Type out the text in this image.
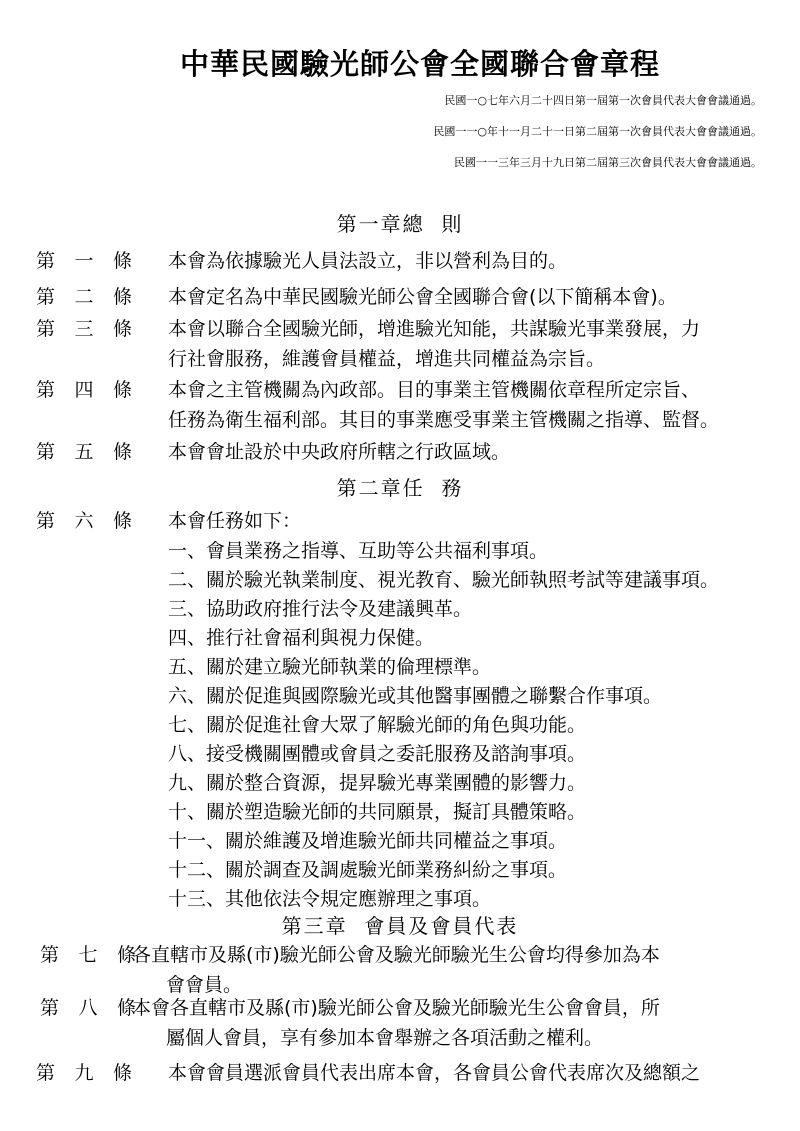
中華民國驗光師公會全國聯合會章程
民國一○七年六月二十四日第一屆第一次會員代表大會會議通過。
民國一一○年十一月二十一日第二屆第一次會員代表大會會議通過。
民國一一三年三月十九日第二屆第三次會員代表大會會議通過。
第一章總  則
第 一 條 本會為依據驗光人員法設立，非以營利為目的。
第 二 條 本會定名為中華民國驗光師公會全國聯合會(以下簡稱本會)。
第 三 條 本會以聯合全國驗光師，增進驗光知能，共謀驗光事業發展，力
行社會服務，維護會員權益，增進共同權益為宗旨。
第 四 條 本會之主管機關為內政部。目的事業主管機關依章程所定宗旨、
任務為衛生福利部。其目的事業應受事業主管機關之指導、監督。
第 五 條 本會會址設於中央政府所轄之行政區域。
第二章任  務
第 六 條 本會任務如下：
一、會員業務之指導、互助等公共福利事項。
二、關於驗光執業制度、視光教育、驗光師執照考試等建議事項。
三、協助政府推行法令及建議興革。
四、推行社會福利與視力保健。
五、關於建立驗光師執業的倫理標準。
六、關於促進與國際驗光或其他醫事團體之聯繫合作事項。
七、關於促進社會大眾了解驗光師的角色與功能。
八、接受機關團體或會員之委託服務及諮詢事項。
九、關於整合資源，提昇驗光專業團體的影響力。
十、關於塑造驗光師的共同願景，擬訂具體策略。
十一、關於維護及增進驗光師共同權益之事項。
十二、關於調查及調處驗光師業務糾紛之事項。
十三、其他依法令規定應辦理之事項。
第三章  會員及會員代表
第 七 條
各直轄市及縣(市)驗光師公會及驗光師驗光生公會均得參加為本
會會員。
第 八 條
本會各直轄市及縣(市)驗光師公會及驗光師驗光生公會會員，所
屬個人會員，享有參加本會舉辦之各項活動之權利。
第 九 條 本會會員選派會員代表出席本會，各會員公會代表席次及總額之
